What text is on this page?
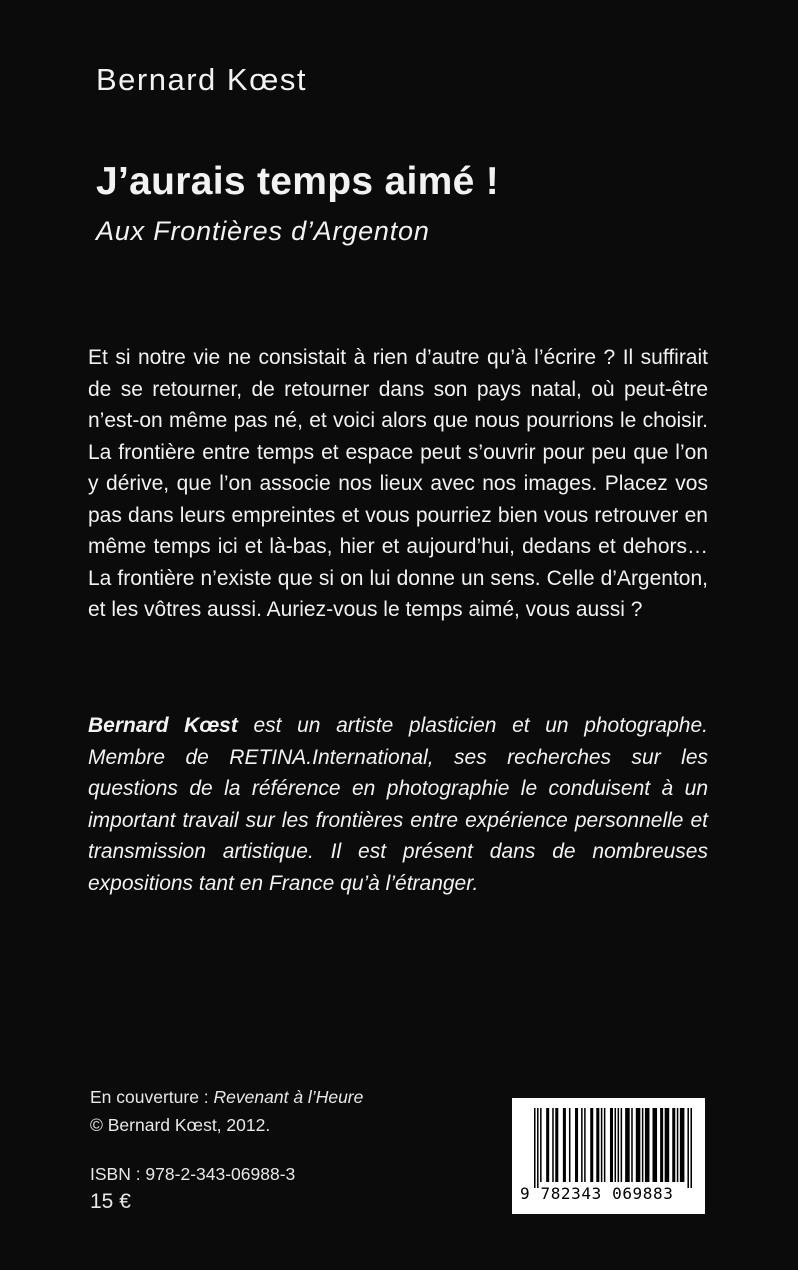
Bernard Kœst
J’aurais temps aimé !
Aux Frontières d’Argenton

Et si notre vie ne consistait à rien d’autre qu’à l’écrire ? Il suffirait de se retourner, de retourner dans son pays natal, où peut-être n’est-on même pas né, et voici alors que nous pourrions le choisir. La frontière entre temps et espace peut s’ouvrir pour peu que l’on y dérive, que l’on associe nos lieux avec nos images. Placez vos pas dans leurs empreintes et vous pourriez bien vous retrouver en même temps ici et là-bas, hier et aujourd’hui, dedans et dehors… La frontière n’existe que si on lui donne un sens. Celle d’Argenton, et les vôtres aussi. Auriez-vous le temps aimé, vous aussi ?

Bernard Kœst est un artiste plasticien et un photographe. Membre de RETINA.International, ses recherches sur les questions de la référence en photographie le conduisent à un important travail sur les frontières entre expérience personnelle et transmission artistique. Il est présent dans de nombreuses expositions tant en France qu’à l’étranger.

En couverture : Revenant à l’Heure
© Bernard Kœst, 2012.
ISBN : 978-2-343-06988-3
15 €	9 782343 069883
